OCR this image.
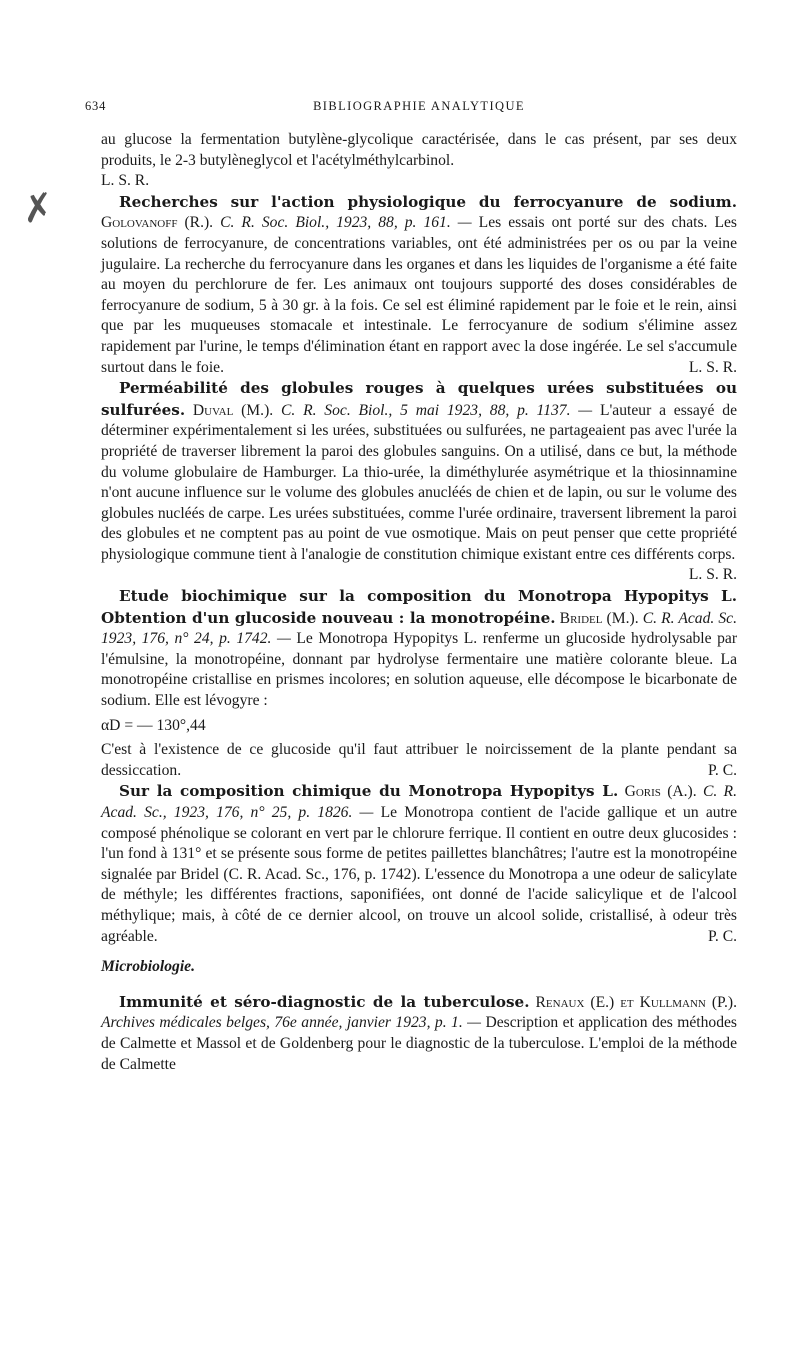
✗
634	BIBLIOGRAPHIE ANALYTIQUE

au glucose la fermentation butylène-glycolique caractérisée, dans le cas présent, par ses deux produits, le 2-3 butylèneglycol et l'acétylméthylcarbinol.

L. S. R.

Recherches sur l'action physiologique du ferrocyanure de sodium. Golovanoff (R.). C. R. Soc. Biol., 1923, 88, p. 161. — Les essais ont porté sur des chats. Les solutions de ferrocyanure, de concentrations variables, ont été administrées per os ou par la veine jugulaire. La recherche du ferrocyanure dans les organes et dans les liquides de l'organisme a été faite au moyen du perchlorure de fer. Les animaux ont toujours supporté des doses considérables de ferrocyanure de sodium, 5 à 30 gr. à la fois. Ce sel est éliminé rapidement par le foie et le rein, ainsi que par les muqueuses stomacale et intestinale. Le ferrocyanure de sodium s'élimine assez rapidement par l'urine, le temps d'élimination étant en rapport avec la dose ingérée. Le sel s'accumule surtout dans le foie.	L. S. R.

Perméabilité des globules rouges à quelques urées substituées ou sulfurées. Duval (M.). C. R. Soc. Biol., 5 mai 1923, 88, p. 1137. — L'auteur a essayé de déterminer expérimentalement si les urées, substituées ou sulfurées, ne partageaient pas avec l'urée la propriété de traverser librement la paroi des globules sanguins. On a utilisé, dans ce but, la méthode du volume globulaire de Hamburger. La thio-urée, la diméthylurée asymétrique et la thiosinnamine n'ont aucune influence sur le volume des globules anucléés de chien et de lapin, ou sur le volume des globules nucléés de carpe. Les urées substituées, comme l'urée ordinaire, traversent librement la paroi des globules et ne comptent pas au point de vue osmotique. Mais on peut penser que cette propriété physiologique commune tient à l'analogie de constitution chimique existant entre ces différents corps.
L. S. R.

Etude biochimique sur la composition du Monotropa Hypopitys L. Obtention d'un glucoside nouveau : la monotropéine. Bridel (M.). C. R. Acad. Sc. 1923, 176, n° 24, p. 1742. — Le Monotropa Hypopitys L. renferme un glucoside hydrolysable par l'émulsine, la monotropéine, donnant par hydrolyse fermentaire une matière colorante bleue. La monotropéine cristallise en prismes incolores; en solution aqueuse, elle décompose le bicarbonate de sodium. Elle est lévogyre :

αD = — 130°,44

C'est à l'existence de ce glucoside qu'il faut attribuer le noircissement de la plante pendant sa dessiccation.	P. C.

Sur la composition chimique du Monotropa Hypopitys L. Goris (A.). C. R. Acad. Sc., 1923, 176, n° 25, p. 1826. — Le Monotropa contient de l'acide gallique et un autre composé phénolique se colorant en vert par le chlorure ferrique. Il contient en outre deux glucosides : l'un fond à 131° et se présente sous forme de petites paillettes blanchâtres; l'autre est la monotropéine signalée par Bridel (C. R. Acad. Sc., 176, p. 1742). L'essence du Monotropa a une odeur de salicylate de méthyle; les différentes fractions, saponifiées, ont donné de l'acide salicylique et de l'alcool méthylique; mais, à côté de ce dernier alcool, on trouve un alcool solide, cristallisé, à odeur très agréable.	P. C.

Microbiologie.

Immunité et séro-diagnostic de la tuberculose. Renaux (E.) et Kullmann (P.). Archives médicales belges, 76e année, janvier 1923, p. 1. — Description et application des méthodes de Calmette et Massol et de Goldenberg pour le diagnostic de la tuberculose. L'emploi de la méthode de Calmette
